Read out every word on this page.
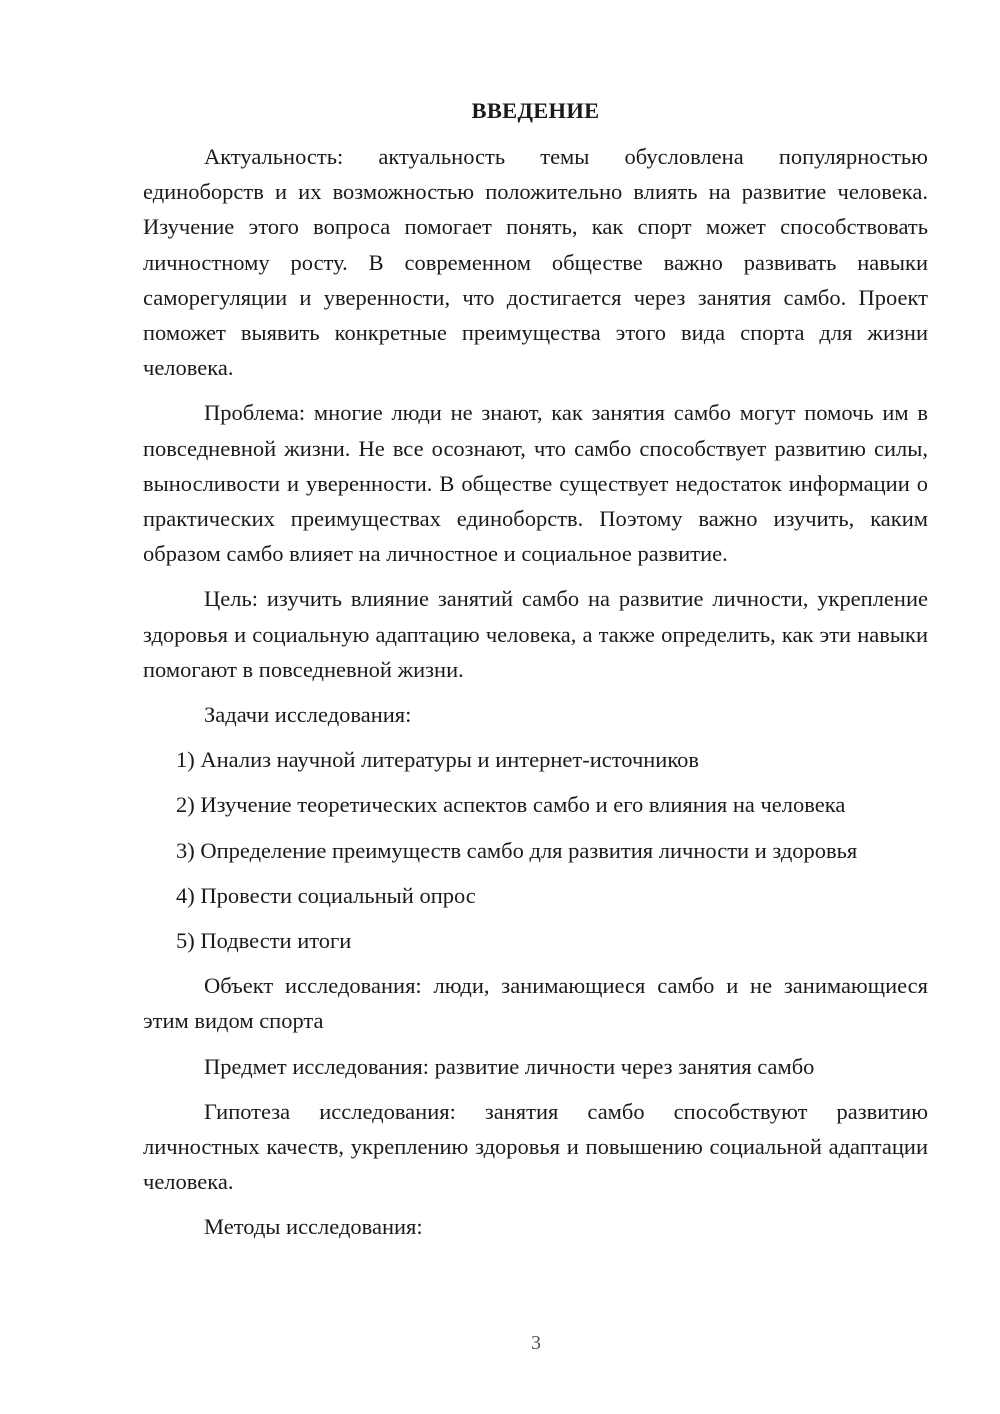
ВВЕДЕНИЕ

Актуальность: актуальность темы обусловлена популярностью единоборств и их возможностью положительно влиять на развитие человека. Изучение этого вопроса помогает понять, как спорт может способствовать личностному росту. В современном обществе важно развивать навыки саморегуляции и уверенности, что достигается через занятия самбо. Проект поможет выявить конкретные преимущества этого вида спорта для жизни человека.

Проблема: многие люди не знают, как занятия самбо могут помочь им в повседневной жизни. Не все осознают, что самбо способствует развитию силы, выносливости и уверенности. В обществе существует недостаток информации о практических преимуществах единоборств. Поэтому важно изучить, каким образом самбо влияет на личностное и социальное развитие.

Цель: изучить влияние занятий самбо на развитие личности, укрепление здоровья и социальную адаптацию человека, а также определить, как эти навыки помогают в повседневной жизни.

Задачи исследования:

1) Анализ научной литературы и интернет-источников
2) Изучение теоретических аспектов самбо и его влияния на человека
3) Определение преимуществ самбо для развития личности и здоровья
4) Провести социальный опрос
5) Подвести итоги

Объект исследования: люди, занимающиеся самбо и не занимающиеся этим видом спорта

Предмет исследования: развитие личности через занятия самбо

Гипотеза исследования: занятия самбо способствуют развитию личностных качеств, укреплению здоровья и повышению социальной адаптации человека.

Методы исследования:

3
